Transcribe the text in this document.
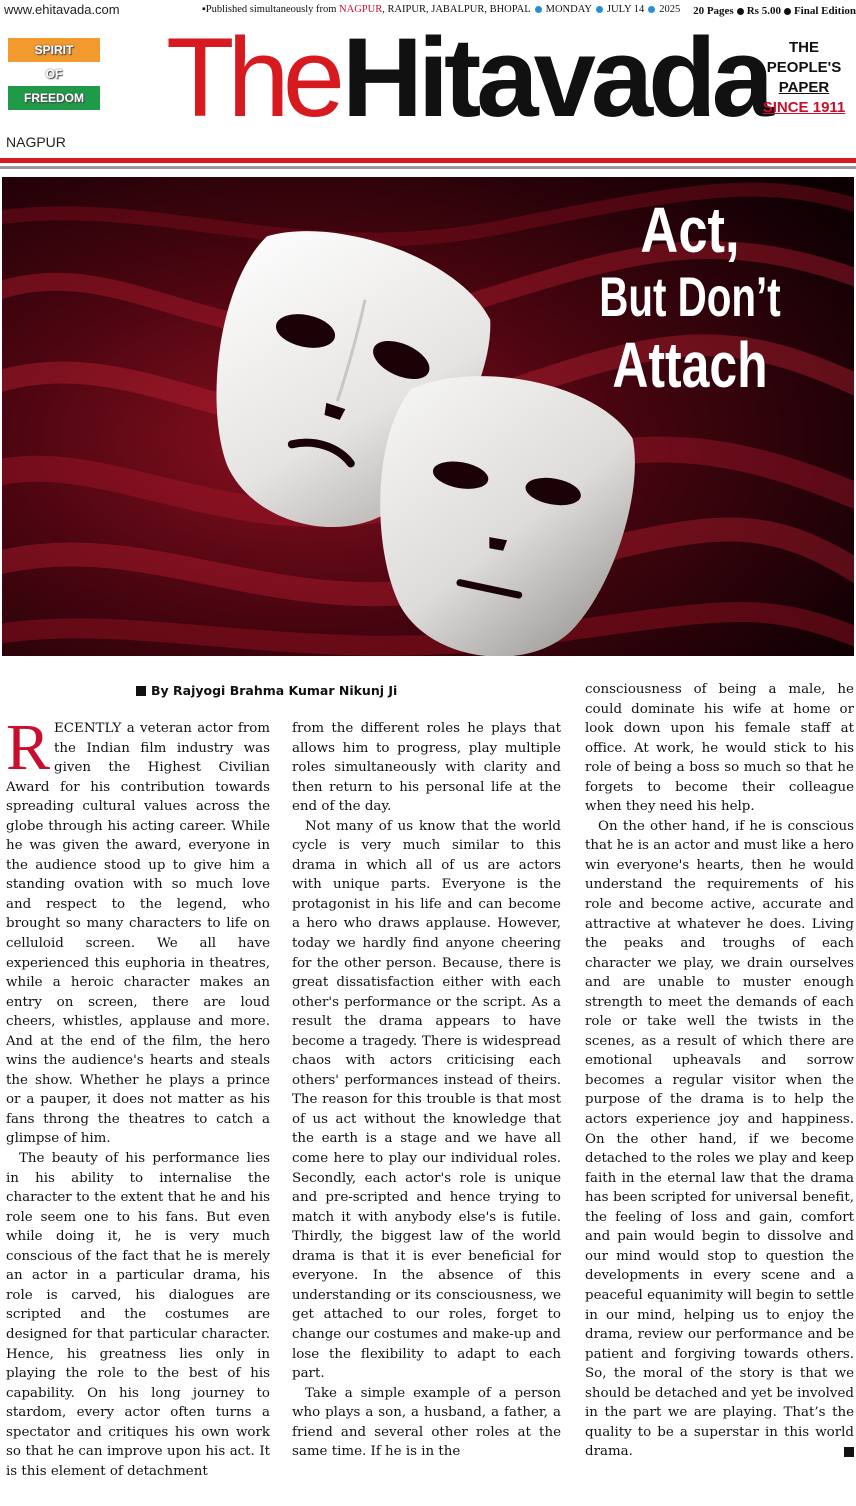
www.ehitavada.com	▪Published simultaneously from NAGPUR, RAIPUR, JABALPUR, BHOPAL MONDAY JULY 14 2025 20 Pages Rs 5.00 Final Edition
SPIRIT
OF
FREEDOM TheHitavada	THE PEOPLE'S
PAPER
SINCE 1911
NAGPUR
Act,
But Don’t
Attach
By Rajyogi Brahma Kumar Nikunj Ji

RECENTLY a veteran actor from the Indian film industry was given the Highest Civilian Award for his contribution towards spreading cultural values across the globe through his acting career. While he was given the award, everyone in the audience stood up to give him a standing ovation with so much love and respect to the legend, who brought so many characters to life on celluloid screen. We all have experienced this euphoria in theatres, while a heroic character makes an entry on screen, there are loud cheers, whistles, applause and more. And at the end of the film, the hero wins the audience's hearts and steals the show. Whether he plays a prince or a pauper, it does not matter as his fans throng the theatres to catch a glimpse of him.

The beauty of his performance lies in his ability to internalise the character to the extent that he and his role seem one to his fans. But even while doing it, he is very much conscious of the fact that he is merely an actor in a particular drama, his role is carved, his dialogues are scripted and the costumes are designed for that particular character. Hence, his greatness lies only in playing the role to the best of his capability. On his long journey to stardom, every actor often turns a spectator and critiques his own work so that he can improve upon his act. It is this element of detachment

from the different roles he plays that allows him to progress, play multiple roles simultaneously with clarity and then return to his personal life at the end of the day.

Not many of us know that the world cycle is very much similar to this drama in which all of us are actors with unique parts. Everyone is the protagonist in his life and can become a hero who draws applause. However, today we hardly find anyone cheering for the other person. Because, there is great dissatisfaction either with each other's performance or the script. As a result the drama appears to have become a tragedy. There is widespread chaos with actors criticising each others' performances instead of theirs. The reason for this trouble is that most of us act without the knowledge that the earth is a stage and we have all come here to play our individual roles. Secondly, each actor's role is unique and pre-scripted and hence trying to match it with anybody else's is futile. Thirdly, the biggest law of the world drama is that it is ever beneficial for everyone. In the absence of this understanding or its consciousness, we get attached to our roles, forget to change our costumes and make-up and lose the flexibility to adapt to each part.

Take a simple example of a person who plays a son, a husband, a father, a friend and several other roles at the same time. If he is in the

consciousness of being a male, he could dominate his wife at home or look down upon his female staff at office. At work, he would stick to his role of being a boss so much so that he forgets to become their colleague when they need his help.

On the other hand, if he is conscious that he is an actor and must like a hero win everyone's hearts, then he would understand the requirements of his role and become active, accurate and attractive at whatever he does. Living the peaks and troughs of each character we play, we drain ourselves and are unable to muster enough strength to meet the demands of each role or take well the twists in the scenes, as a result of which there are emotional upheavals and sorrow becomes a regular visitor when the purpose of the drama is to help the actors experience joy and happiness. On the other hand, if we become detached to the roles we play and keep faith in the eternal law that the drama has been scripted for universal benefit, the feeling of loss and gain, comfort and pain would begin to dissolve and our mind would stop to question the developments in every scene and a peaceful equanimity will begin to settle in our mind, helping us to enjoy the drama, review our performance and be patient and forgiving towards others. So, the moral of the story is that we should be detached and yet be involved in the part we are playing. That’s the quality to be a superstar in this world drama.
